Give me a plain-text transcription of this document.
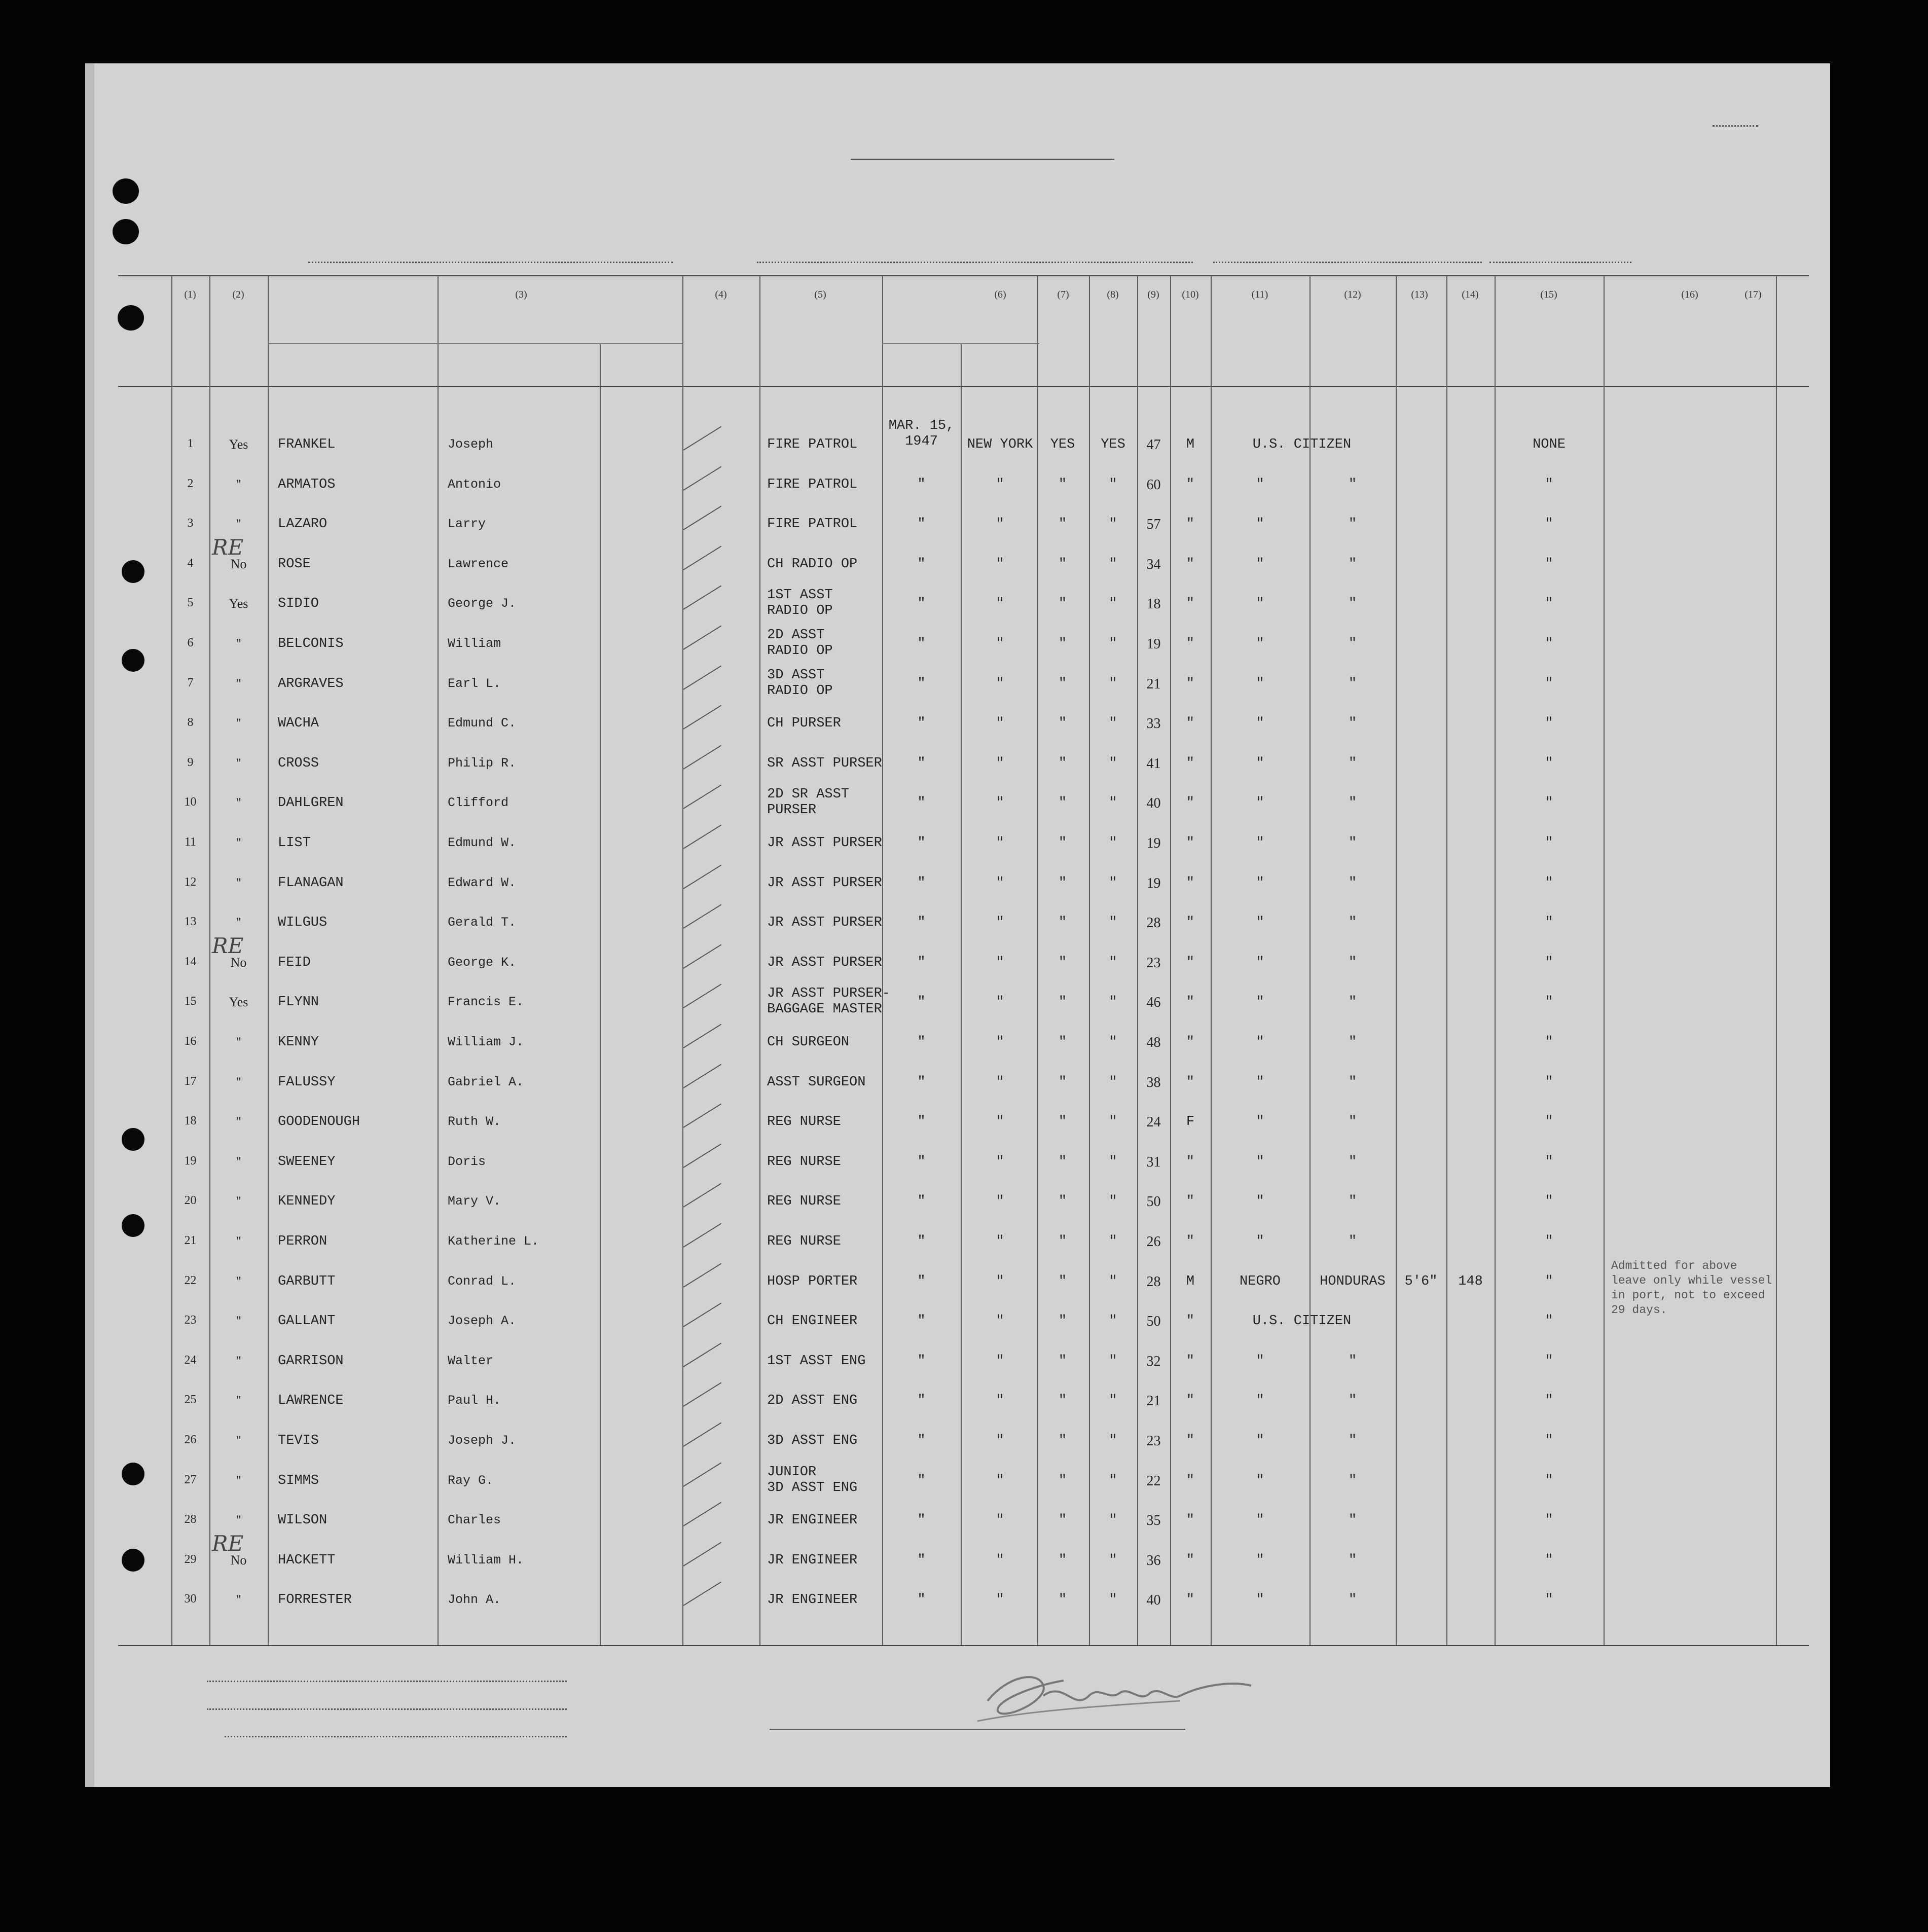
(1)	(2)	(3)	(4)	(5)	(6)	(7)	(8)	(9)	(10)	(11)	(12)	(13)	(14)	(15)	(16)	(17)
1	Yes	FRANKEL	Joseph	FIRE PATROL
MAR. 15,
1947	NEW YORK	YES	YES	47	M	U.S. CITIZEN	NONE
2	"	ARMATOS	Antonio	FIRE PATROL	"	"	"	"	60	"	"	"	"
3	"	LAZARO	Larry	FIRE PATROL	"	"	"	"	57	"	"	"	"
4	No
RE
ROSE	Lawrence	CH RADIO OP	"	"	"	"	34	"	"	"	"
5	Yes	SIDIO	George J.
1ST ASST
RADIO OP	"	"	"	"	18	"	"	"	"
6	"	BELCONIS	William
2D ASST
RADIO OP	"	"	"	"	19	"	"	"	"
7	"	ARGRAVES	Earl L.
3D ASST
RADIO OP	"	"	"	"	21	"	"	"	"
8	"	WACHA	Edmund C.	CH PURSER	"	"	"	"	33	"	"	"	"
9	"	CROSS	Philip R.	SR ASST PURSER	"	"	"	"	41	"	"	"	"
10	"	DAHLGREN	Clifford
2D SR ASST
PURSER	"	"	"	"	40	"	"	"	"
11	"	LIST	Edmund W.	JR ASST PURSER	"	"	"	"	19	"	"	"	"
12	"	FLANAGAN	Edward W.	JR ASST PURSER	"	"	"	"	19	"	"	"	"
13	"	WILGUS	Gerald T.	JR ASST PURSER	"	"	"	"	28	"	"	"	"
14	No
RE
FEID	George K.	JR ASST PURSER	"	"	"	"	23	"	"	"	"
15	Yes	FLYNN	Francis E.
JR ASST PURSER-
BAGGAGE MASTER	"	"	"	"	46	"	"	"	"
16	"	KENNY	William J.	CH SURGEON	"	"	"	"	48	"	"	"	"
17	"	FALUSSY	Gabriel A.	ASST SURGEON	"	"	"	"	38	"	"	"	"
18	"	GOODENOUGH	Ruth W.	REG NURSE	"	"	"	"	24	F	"	"	"
19	"	SWEENEY	Doris	REG NURSE	"	"	"	"	31	"	"	"	"
20	"	KENNEDY	Mary V.	REG NURSE	"	"	"	"	50	"	"	"	"
21	"	PERRON	Katherine L.	REG NURSE	"	"	"	"	26	"	"	"	"
22	"	GARBUTT	Conrad L.	HOSP PORTER	"	"	"	"	28	M	NEGRO	HONDURAS	5'6"	148	"
Admitted for above leave only while vessel in port, not to exceed 29 days.
23	"	GALLANT	Joseph A.	CH ENGINEER	"	"	"	"	50	"	U.S. CITIZEN	"
24	"	GARRISON	Walter	1ST ASST ENG	"	"	"	"	32	"	"	"	"
25	"	LAWRENCE	Paul H.	2D ASST ENG	"	"	"	"	21	"	"	"	"
26	"	TEVIS	Joseph J.	3D ASST ENG	"	"	"	"	23	"	"	"	"
27	"	SIMMS	Ray G.
JUNIOR
3D ASST ENG	"	"	"	"	22	"	"	"	"
28	"	WILSON	Charles	JR ENGINEER	"	"	"	"	35	"	"	"	"
29	No
RE
HACKETT	William H.	JR ENGINEER	"	"	"	"	36	"	"	"	"
30	"	FORRESTER	John A.	JR ENGINEER	"	"	"	"	40	"	"	"	"
